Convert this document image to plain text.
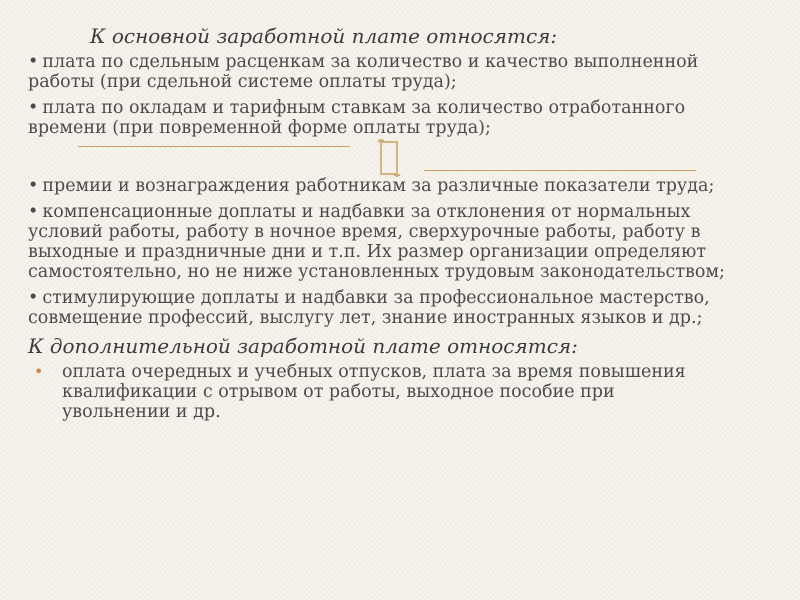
К основной заработной плате относятся:
• плата по сдельным расценкам за количество и качество выполненной работы (при сдельной системе оплаты труда);
• плата по окладам и тарифным ставкам за количество отработанного времени (при повременной форме оплаты труда);
• премии и вознаграждения работникам за различные показатели труда;
• компенсационные доплаты и надбавки за отклонения от нормальных условий работы, работу в ночное время, сверхурочные работы, работу в выходные и праздничные дни и т.п. Их размер организации определяют самостоятельно, но не ниже установленных трудовым законодательством;
• стимулирующие доплаты и надбавки за профессиональное мастерство, совмещение профессий, выслугу лет, знание иностранных языков и др.;
К дополнительной заработной плате относятся:
• оплата очередных и учебных отпусков, плата за время повышения квалификации с отрывом от работы, выходное пособие при увольнении и др.
